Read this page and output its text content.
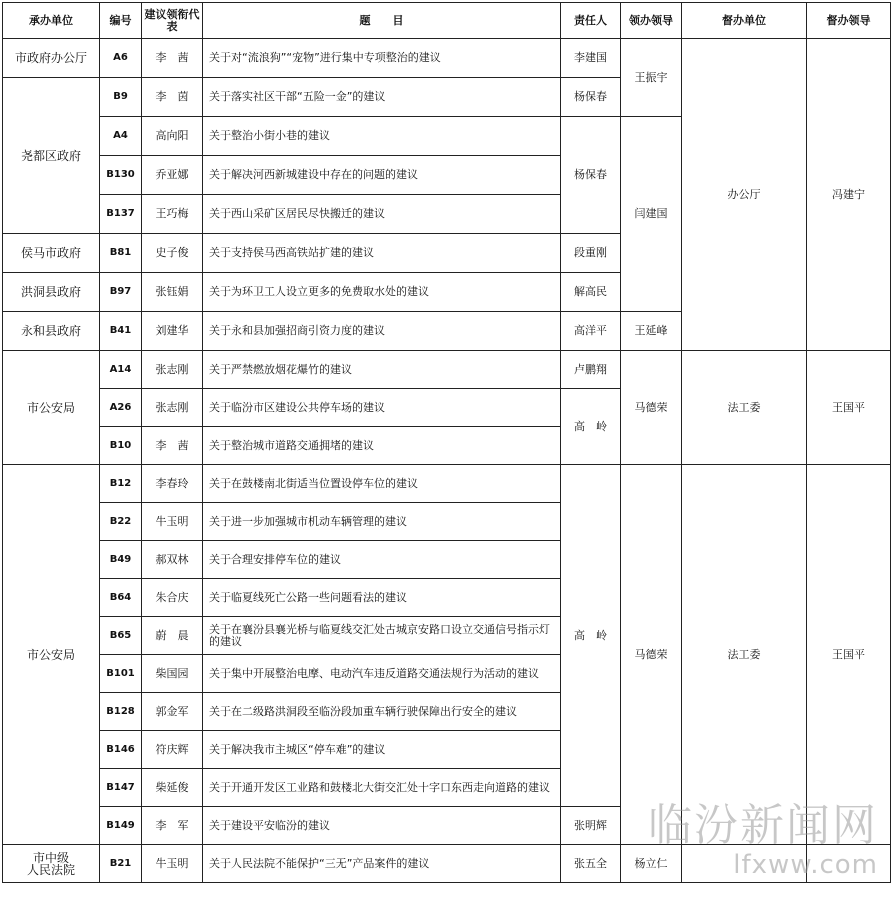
承办单位	编号	建议领衔代表	题　　目	责任人	领办领导	督办单位	督办领导
市政府办公厅	A6	李　茜	关于对“流浪狗”“宠物”进行集中专项整治的建议	李建国	王振宇	办公厅	冯建宁
尧都区政府	B9	李　茵	关于落实社区干部“五险一金”的建议	杨保春			
	A4	高向阳	关于整治小街小巷的建议	杨保春	闫建国		
	B130	乔亚娜	关于解决河西新城建设中存在的问题的建议				
	B137	王巧梅	关于西山采矿区居民尽快搬迁的建议				
侯马市政府	B81	史子俊	关于支持侯马西高铁站扩建的建议	段重刚			
洪洞县政府	B97	张钰娟	关于为环卫工人设立更多的免费取水处的建议	解高民			
永和县政府	B41	刘建华	关于永和县加强招商引资力度的建议	高洋平	王延峰		
市公安局	A14	张志刚	关于严禁燃放烟花爆竹的建议	卢鹏翔	马德荣	法工委	王国平
	A26	张志刚	关于临汾市区建设公共停车场的建议	高　岭			
	B10	李　茜	关于整治城市道路交通拥堵的建议				
市公安局	B12	李春玲	关于在鼓楼南北街适当位置设停车位的建议	高　岭	马德荣	法工委	王国平
	B22	牛玉明	关于进一步加强城市机动车辆管理的建议				
	B49	郝双林	关于合理安排停车位的建议				
	B64	朱合庆	关于临夏线死亡公路一些问题看法的建议				
	B65	蔚　晨	关于在襄汾县襄光桥与临夏线交汇处古城京安路口设立交通信号指示灯的建议				
	B101	柴国园	关于集中开展整治电摩、电动汽车违反道路交通法规行为活动的建议				
	B128	郭金军	关于在二级路洪洞段至临汾段加重车辆行驶保障出行安全的建议				
	B146	符庆辉	关于解决我市主城区“停车难”的建议				
	B147	柴延俊	关于开通开发区工业路和鼓楼北大街交汇处十字口东西走向道路的建议				
	B149	李　军	关于建设平安临汾的建议	张明辉			
市中级
人民法院	B21	牛玉明	关于人民法院不能保护“三无”产品案件的建议	张五全	杨立仁		
临汾新闻网
lfxww.com
